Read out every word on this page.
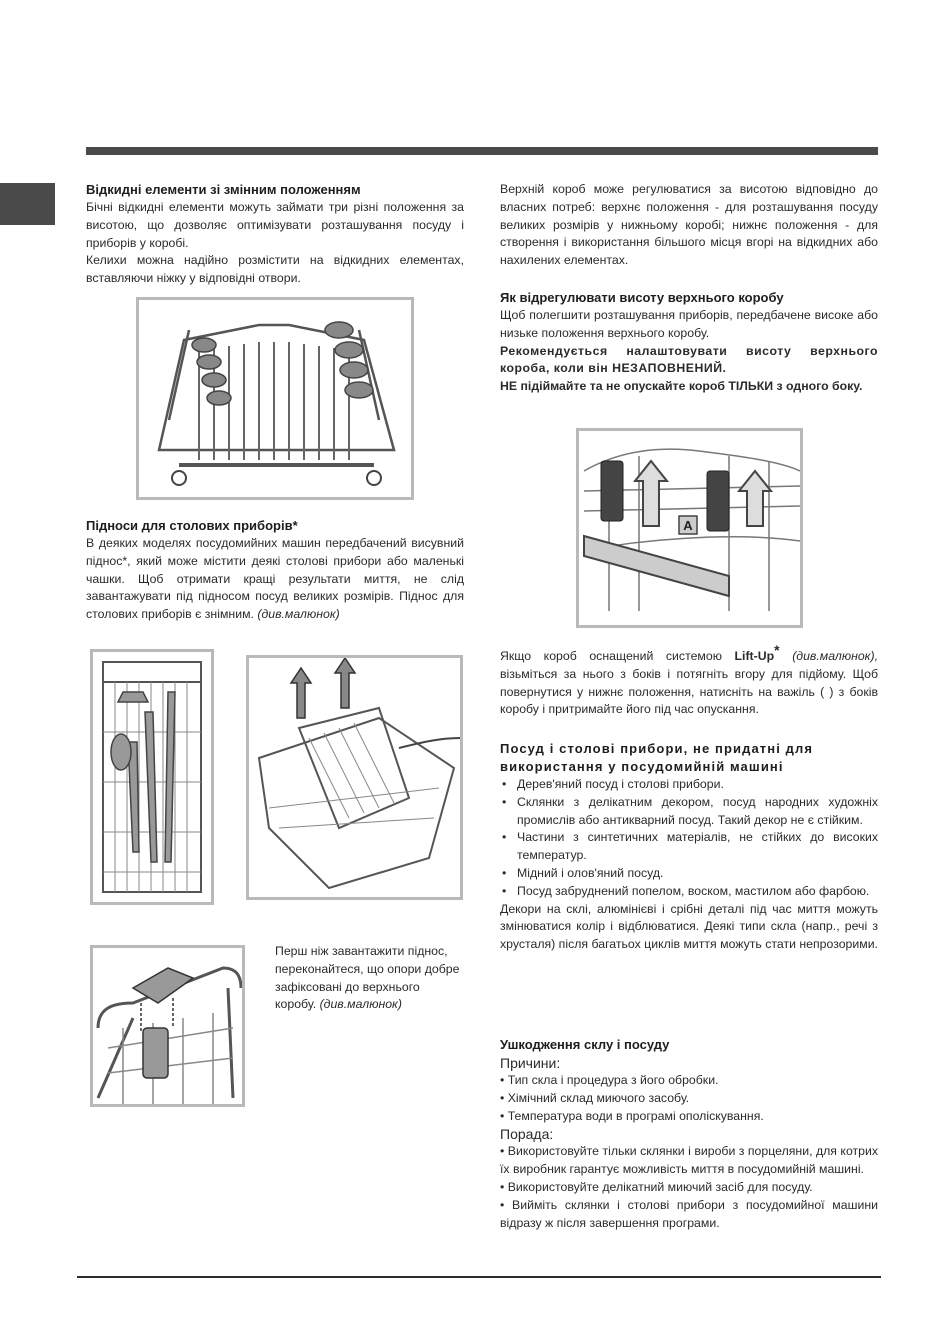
Відкидні елементи зі змінним положенням

Бічні відкидні елементи можуть займати три різні положення за висотою, що дозволяє оптимізувати розташування посуду і приборів у коробі.

Келихи можна надійно розмістити на відкидних елементах, вставляючи ніжку у відповідні отвори.

Підноси для столових приборів*

В деяких моделях посудомийних машин передбачений висувний піднос*, який може містити деякі столові прибори або маленькі чашки. Щоб отримати кращі результати миття, не слід завантажувати під підносом посуд великих розмірів. Піднос для столових приборів є знімним. (див.малюнок)

Перш ніж завантажити піднос, переконайтеся, що опори добре зафіксовані до верхнього коробу. (див.малюнок)

Верхній короб може регулюватися за висотою відповідно до власних потреб: верхнє положення - для розташування посуду великих розмірів у нижньому коробі; нижнє положення - для створення і використання більшого місця вгорі на відкидних або нахилених елементах.

Як відрегулювати висоту верхнього коробу

Щоб полегшити розташування приборів, передбачене високе або низьке положення верхнього коробу.

Рекомендується налаштовувати висоту верхнього короба, коли він НЕЗАПОВНЕНИЙ.

НЕ підіймайте та не опускайте короб ТІЛЬКИ з одного боку.

A

Якщо короб оснащений системою Lift-Up* (див.малюнок), візьміться за нього з боків і потягніть вгору для підйому. Щоб повернутися у нижнє положення, натисніть на важіль ( ) з боків коробу і притримайте його під час опускання.

Посуд і столові прибори, не придатні для використання у посудомийній машині
• Дерев'яний посуд і столові прибори.
• Склянки з делікатним декором, посуд народних художніх промислів або антикварний посуд. Такий декор не є стійким.
• Частини з синтетичних матеріалів, не стійких до високих температур.
• Мідний і олов'яний посуд.
• Посуд забруднений попелом, воском, мастилом або фарбою.

Декори на склі, алюмінієві і срібні деталі під час миття можуть змінюватися колір і відблюватися. Деякі типи скла (напр., речі з хрусталя) після багатьох циклів миття можуть стати непрозорими.

Ушкодження склу і посуду

Причини:

• Тип скла і процедура з його обробки.

• Хімічний склад миючого засобу.

• Температура води в програмі ополіскування.

Порада:

• Використовуйте тільки склянки і вироби з порцеляни, для котрих їх виробник гарантує можливість миття в посудомийній машині.

• Використовуйте делікатний миючий засіб для посуду.

• Вийміть склянки і столові прибори з посудомийної машини відразу ж після завершення програми.
